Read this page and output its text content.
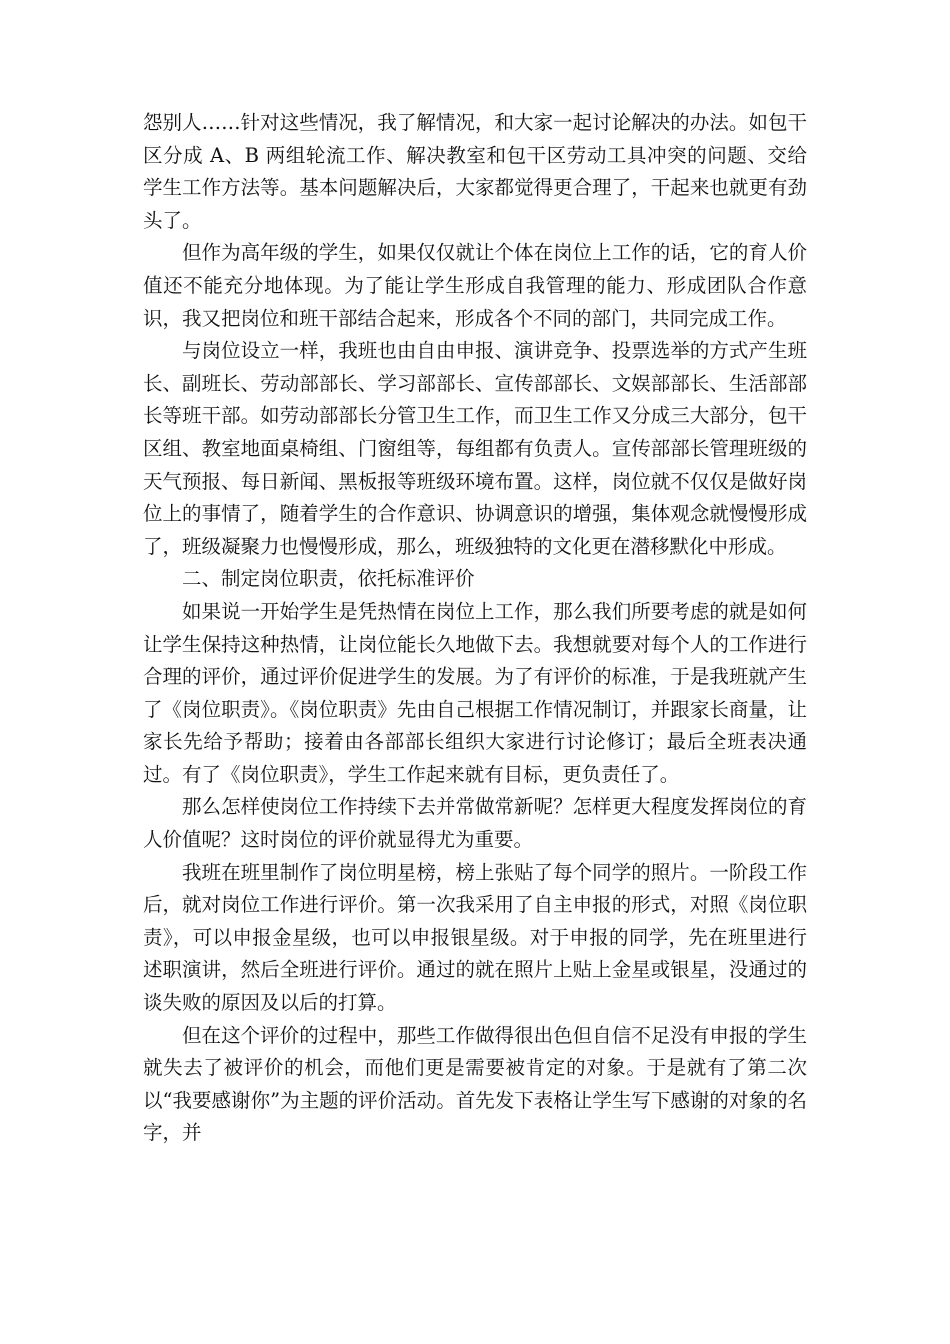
怨别人……针对这些情况，我了解情况，和大家一起讨论解决的办法。如包干区分成 A、B 两组轮流工作、解决教室和包干区劳动工具冲突的问题、交给学生工作方法等。基本问题解决后，大家都觉得更合理了，干起来也就更有劲头了。

但作为高年级的学生，如果仅仅就让个体在岗位上工作的话，它的育人价值还不能充分地体现。为了能让学生形成自我管理的能力、形成团队合作意识，我又把岗位和班干部结合起来，形成各个不同的部门，共同完成工作。

与岗位设立一样，我班也由自由申报、演讲竞争、投票选举的方式产生班长、副班长、劳动部部长、学习部部长、宣传部部长、文娱部部长、生活部部长等班干部。如劳动部部长分管卫生工作，而卫生工作又分成三大部分，包干区组、教室地面桌椅组、门窗组等，每组都有负责人。宣传部部长管理班级的天气预报、每日新闻、黑板报等班级环境布置。这样，岗位就不仅仅是做好岗位上的事情了，随着学生的合作意识、协调意识的增强，集体观念就慢慢形成了，班级凝聚力也慢慢形成，那么，班级独特的文化更在潜移默化中形成。

二、制定岗位职责，依托标准评价

如果说一开始学生是凭热情在岗位上工作，那么我们所要考虑的就是如何让学生保持这种热情，让岗位能长久地做下去。我想就要对每个人的工作进行合理的评价，通过评价促进学生的发展。为了有评价的标准，于是我班就产生了《岗位职责》。《岗位职责》先由自己根据工作情况制订，并跟家长商量，让家长先给予帮助；接着由各部部长组织大家进行讨论修订；最后全班表决通过。有了《岗位职责》，学生工作起来就有目标，更负责任了。

那么怎样使岗位工作持续下去并常做常新呢？怎样更大程度发挥岗位的育人价值呢？这时岗位的评价就显得尤为重要。

我班在班里制作了岗位明星榜，榜上张贴了每个同学的照片。一阶段工作后，就对岗位工作进行评价。第一次我采用了自主申报的形式，对照《岗位职责》，可以申报金星级，也可以申报银星级。对于申报的同学，先在班里进行述职演讲，然后全班进行评价。通过的就在照片上贴上金星或银星，没通过的谈失败的原因及以后的打算。

但在这个评价的过程中，那些工作做得很出色但自信不足没有申报的学生就失去了被评价的机会，而他们更是需要被肯定的对象。于是就有了第二次以“我要感谢你”为主题的评价活动。首先发下表格让学生写下感谢的对象的名字，并
